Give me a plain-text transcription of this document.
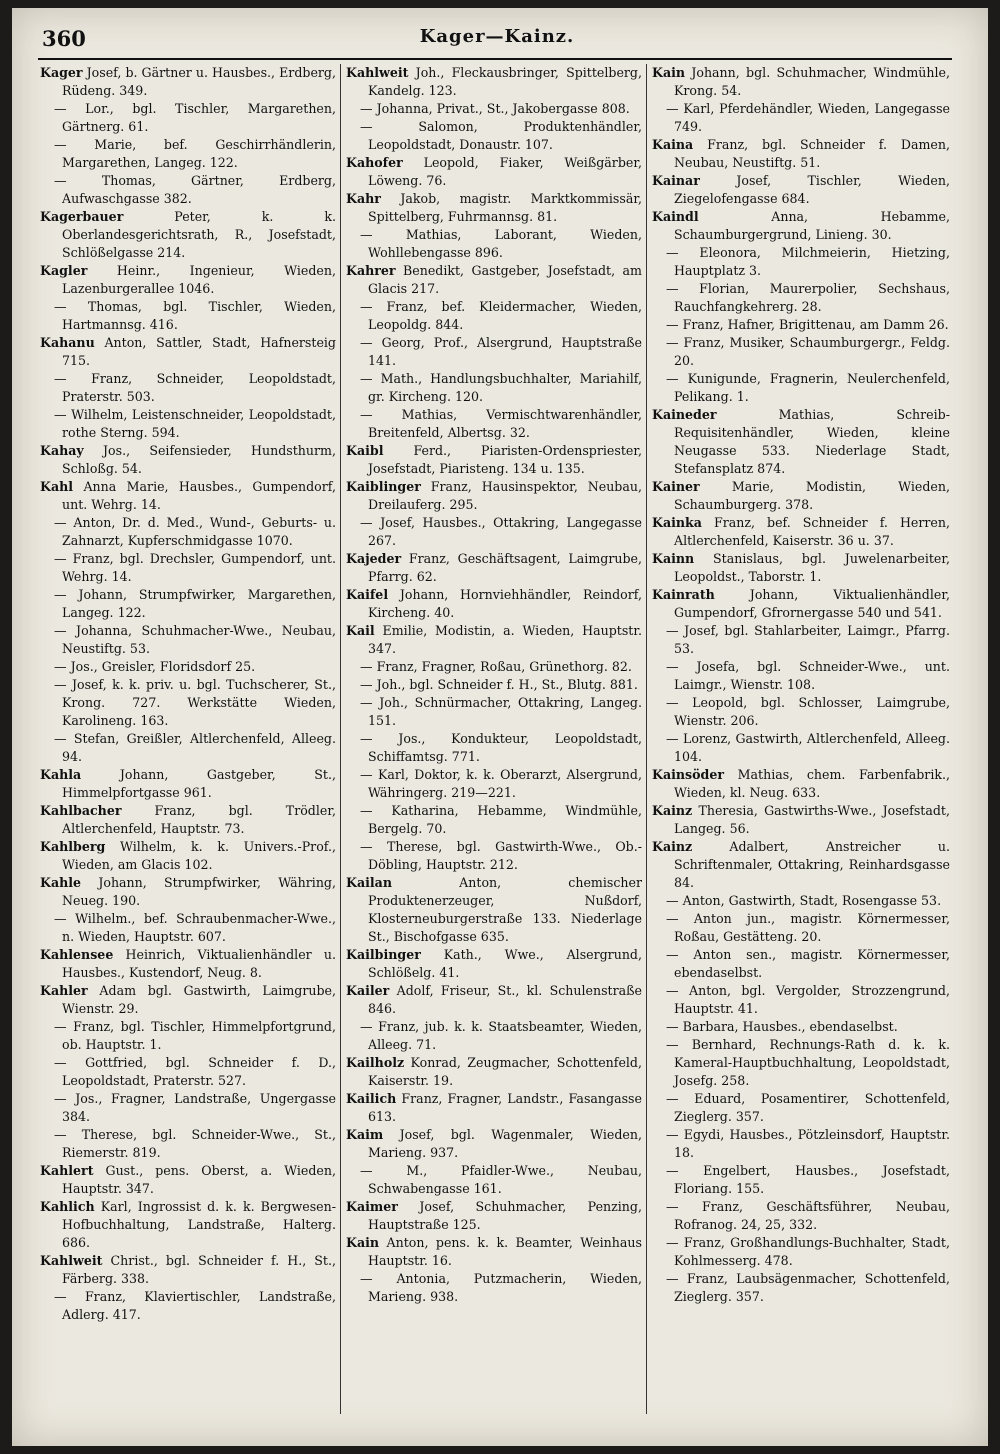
360	Kager—Kainz.

Kager Josef, b. Gärtner u. Hausbes., Erdberg, Rüdeng. 349.

— Lor., bgl. Tischler, Margarethen, Gärtnerg. 61.

— Marie, bef. Geschirrhändlerin, Margarethen, Langeg. 122.

—	Thomas, Gärtner, Erdberg, Aufwaschgasse 382.

Kagerbauer	Peter, k. k. Oberlandesgerichtsrath, R., Josefstadt, Schlößelgasse 214.

Kagler Heinr., Ingenieur, Wieden, Lazenburgerallee 1046.

— Thomas, bgl. Tischler, Wieden, Hartmannsg. 416.

Kahanu Anton, Sattler, Stadt, Hafnersteig 715.

— Franz, Schneider, Leopoldstadt, Praterstr. 503.

— Wilhelm, Leistenschneider, Leopoldstadt, rothe Sterng. 594.

Kahay Jos., Seifensieder, Hundsthurm, Schloßg. 54.

Kahl Anna Marie, Hausbes., Gumpendorf, unt. Wehrg. 14.

— Anton, Dr. d. Med., Wund-, Geburts- u. Zahnarzt, Kupferschmidgasse 1070.

— Franz, bgl. Drechsler, Gumpendorf, unt. Wehrg. 14.

— Johann, Strumpfwirker, Margarethen, Langeg. 122.

— Johanna, Schuhmacher-Wwe., Neubau, Neustiftg. 53.

— Jos., Greisler, Floridsdorf 25.

— Josef, k. k. priv. u. bgl. Tuchscherer, St., Krong. 727. Werkstätte Wieden, Karolineng. 163.

— Stefan, Greißler, Altlerchenfeld, Alleeg. 94.

Kahla	Johann, Gastgeber, St., Himmelpfortgasse 961.

Kahlbacher	Franz, bgl. Trödler, Altlerchenfeld, Hauptstr. 73.

Kahlberg Wilhelm, k. k. Univers.-Prof., Wieden, am Glacis 102.

Kahle Johann, Strumpfwirker, Währing, Neueg. 190.

— Wilhelm., bef. Schraubenmacher-Wwe., n. Wieden, Hauptstr. 607.

Kahlensee Heinrich, Viktualienhändler u. Hausbes., Kustendorf, Neug. 8.

Kahler Adam bgl. Gastwirth, Laimgrube, Wienstr. 29.

— Franz, bgl. Tischler, Himmelpfortgrund, ob. Hauptstr. 1.

— Gottfried, bgl. Schneider f. D., Leopoldstadt, Praterstr. 527.

— Jos., Fragner, Landstraße, Ungergasse 384.

— Therese, bgl. Schneider-Wwe., St., Riemerstr. 819.

Kahlert Gust., pens. Oberst, a. Wieden, Hauptstr. 347.

Kahlich Karl, Ingrossist d. k. k. Bergwesen-Hofbuchhaltung, Landstraße, Halterg. 686.

Kahlweit Christ., bgl. Schneider f. H., St., Färberg. 338.

— Franz, Klaviertischler, Landstraße, Adlerg. 417.

Kahlweit Joh., Fleckausbringer, Spittelberg, Kandelg. 123.

— Johanna, Privat., St., Jakobergasse 808.

—	Salomon, Produktenhändler, Leopoldstadt, Donaustr. 107.

Kahofer Leopold, Fiaker, Weißgärber, Löweng. 76.

Kahr Jakob, magistr. Marktkommissär, Spittelberg, Fuhrmannsg. 81.

—	Mathias, Laborant, Wieden, Wohllebengasse 896.

Kahrer Benedikt, Gastgeber, Josefstadt, am Glacis 217.

— Franz, bef. Kleidermacher, Wieden, Leopoldg. 844.

— Georg, Prof., Alsergrund, Hauptstraße 141.

— Math., Handlungsbuchhalter, Mariahilf, gr. Kircheng. 120.

— Mathias, Vermischtwarenhändler, Breitenfeld, Albertsg. 32.

Kaibl Ferd., Piaristen-Ordenspriester, Josefstadt, Piaristeng. 134 u. 135.

Kaiblinger Franz, Hausinspektor, Neubau, Dreilauferg. 295.

— Josef, Hausbes., Ottakring, Langegasse 267.

Kajeder Franz, Geschäftsagent, Laimgrube, Pfarrg. 62.

Kaifel Johann, Hornviehhändler, Reindorf, Kircheng. 40.

Kail Emilie, Modistin, a. Wieden, Hauptstr. 347.

— Franz, Fragner, Roßau, Grünethorg. 82.

— Joh., bgl. Schneider f. H., St., Blutg. 881.

— Joh., Schnürmacher, Ottakring, Langeg. 151.

— Jos., Kondukteur, Leopoldstadt, Schiffamtsg. 771.

— Karl, Doktor, k. k. Oberarzt, Alsergrund, Währingerg. 219—221.

— Katharina, Hebamme, Windmühle, Bergelg. 70.

— Therese, bgl. Gastwirth-Wwe., Ob.-Döbling, Hauptstr. 212.

Kailan	Anton, chemischer Produktenerzeuger, Nußdorf, Klosterneuburgerstraße 133. Niederlage St., Bischofgasse 635.

Kailbinger Kath., Wwe., Alsergrund, Schlößelg. 41.

Kailer Adolf, Friseur, St., kl. Schulenstraße 846.

— Franz, jub. k. k. Staatsbeamter, Wieden, Alleeg. 71.

Kailholz Konrad, Zeugmacher, Schottenfeld, Kaiserstr. 19.

Kailich Franz, Fragner, Landstr., Fasangasse 613.

Kaim Josef, bgl. Wagenmaler, Wieden, Marieng. 937.

—	M., Pfaidler-Wwe., Neubau, Schwabengasse 161.

Kaimer Josef, Schuhmacher, Penzing, Hauptstraße 125.

Kain Anton, pens. k. k. Beamter, Weinhaus Hauptstr. 16.

— Antonia, Putzmacherin, Wieden, Marieng. 938.

Kain Johann, bgl. Schuhmacher, Windmühle, Krong. 54.

— Karl, Pferdehändler, Wieden, Langegasse 749.

Kaina Franz, bgl. Schneider f. Damen, Neubau, Neustiftg. 51.

Kainar	Josef, Tischler, Wieden, Ziegelofengasse 684.

Kaindl	Anna, Hebamme, Schaumburgergrund, Linieng. 30.

— Eleonora, Milchmeierin, Hietzing, Hauptplatz 3.

— Florian, Maurerpolier, Sechshaus, Rauchfangkehrerg. 28.

— Franz, Hafner, Brigittenau, am Damm 26.

— Franz, Musiker, Schaumburgergr., Feldg. 20.

— Kunigunde, Fragnerin, Neulerchenfeld, Pelikang. 1.

Kaineder	Mathias, Schreib-Requisitenhändler, Wieden, kleine Neugasse 533. Niederlage Stadt, Stefansplatz 874.

Kainer	Marie, Modistin, Wieden, Schaumburgerg. 378.

Kainka Franz, bef. Schneider f. Herren, Altlerchenfeld, Kaiserstr. 36 u. 37.

Kainn Stanislaus, bgl. Juwelenarbeiter, Leopoldst., Taborstr. 1.

Kainrath	Johann, Viktualienhändler, Gumpendorf, Gfrornergasse 540 und 541.

— Josef, bgl. Stahlarbeiter, Laimgr., Pfarrg. 53.

— Josefa, bgl. Schneider-Wwe., unt. Laimgr., Wienstr. 108.

— Leopold, bgl. Schlosser, Laimgrube, Wienstr. 206.

— Lorenz, Gastwirth, Altlerchenfeld, Alleeg. 104.

Kainsöder Mathias, chem. Farbenfabrik., Wieden, kl. Neug. 633.

Kainz Theresia, Gastwirths-Wwe., Josefstadt, Langeg. 56.

Kainz	Adalbert, Anstreicher u. Schriftenmaler, Ottakring, Reinhardsgasse 84.

— Anton, Gastwirth, Stadt, Rosengasse 53.

— Anton jun., magistr. Körnermesser, Roßau, Gestätteng. 20.

— Anton sen., magistr. Körnermesser, ebendaselbst.

— Anton, bgl. Vergolder, Strozzengrund, Hauptstr. 41.

— Barbara, Hausbes., ebendaselbst.

— Bernhard, Rechnungs-Rath d. k. k. Kameral-Hauptbuchhaltung, Leopoldstadt, Josefg. 258.

— Eduard, Posamentirer, Schottenfeld, Zieglerg. 357.

— Egydi, Hausbes., Pötzleinsdorf, Hauptstr. 18.

— Engelbert, Hausbes., Josefstadt, Floriang. 155.

— Franz, Geschäftsführer, Neubau, Rofranog. 24, 25, 332.

— Franz, Großhandlungs-Buchhalter, Stadt, Kohlmesserg. 478.

— Franz, Laubsägenmacher, Schottenfeld, Zieglerg. 357.
